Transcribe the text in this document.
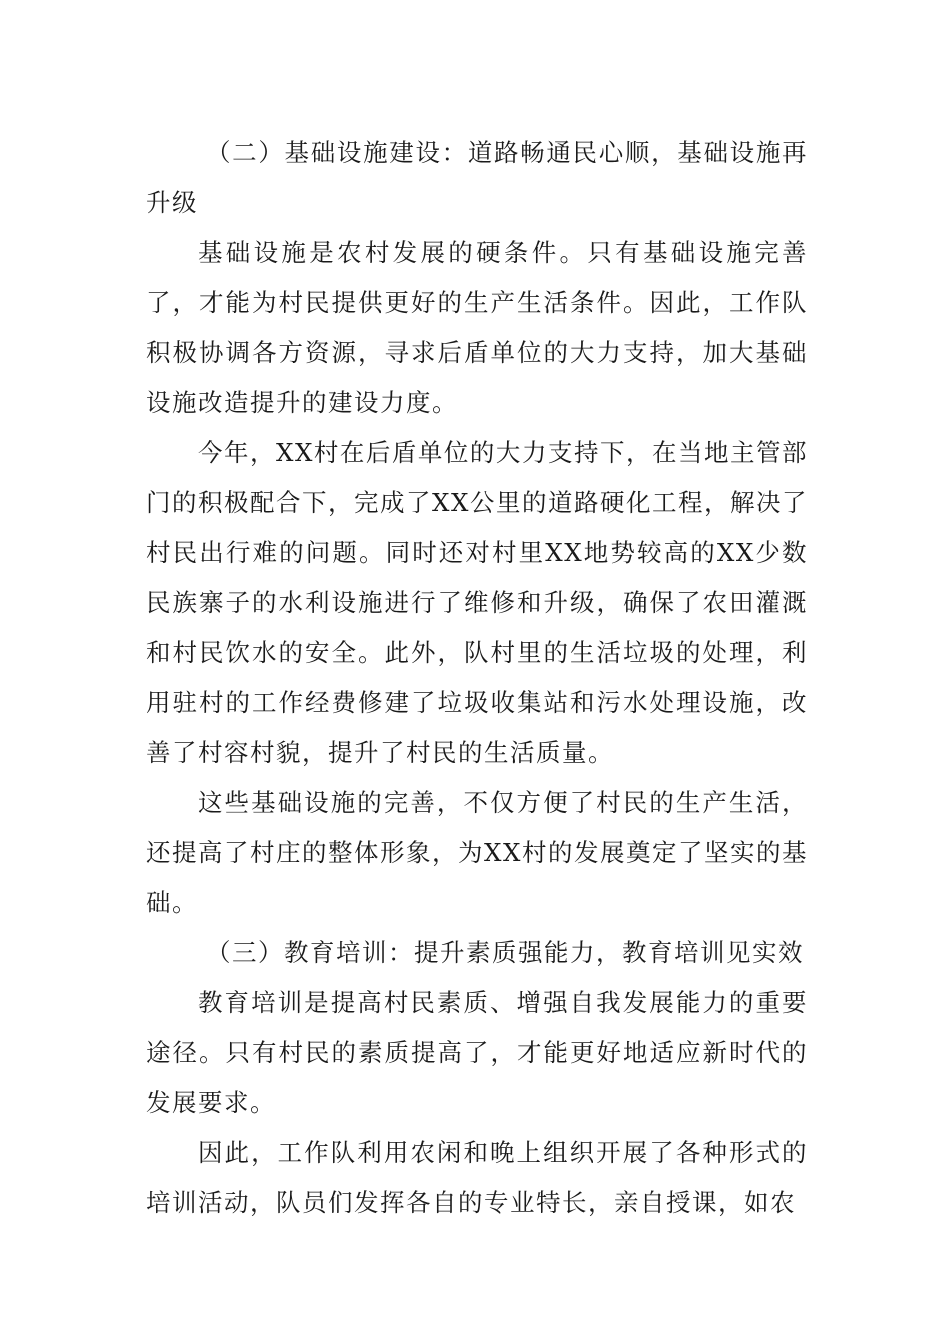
（二）基础设施建设：道路畅通民心顺，基础设施再升级

基础设施是农村发展的硬条件。只有基础设施完善了，才能为村民提供更好的生产生活条件。因此，工作队积极协调各方资源，寻求后盾单位的大力支持，加大基础设施改造提升的建设力度。

今年，XX村在后盾单位的大力支持下，在当地主管部门的积极配合下，完成了XX公里的道路硬化工程，解决了村民出行难的问题。同时还对村里XX地势较高的XX少数民族寨子的水利设施进行了维修和升级，确保了农田灌溉和村民饮水的安全。此外，队村里的生活垃圾的处理，利用驻村的工作经费修建了垃圾收集站和污水处理设施，改善了村容村貌，提升了村民的生活质量。

这些基础设施的完善，不仅方便了村民的生产生活，还提高了村庄的整体形象，为XX村的发展奠定了坚实的基础。

（三）教育培训：提升素质强能力，教育培训见实效

教育培训是提高村民素质、增强自我发展能力的重要途径。只有村民的素质提高了，才能更好地适应新时代的发展要求。

因此，工作队利用农闲和晚上组织开展了各种形式的培训活动，队员们发挥各自的专业特长，亲自授课，如农
